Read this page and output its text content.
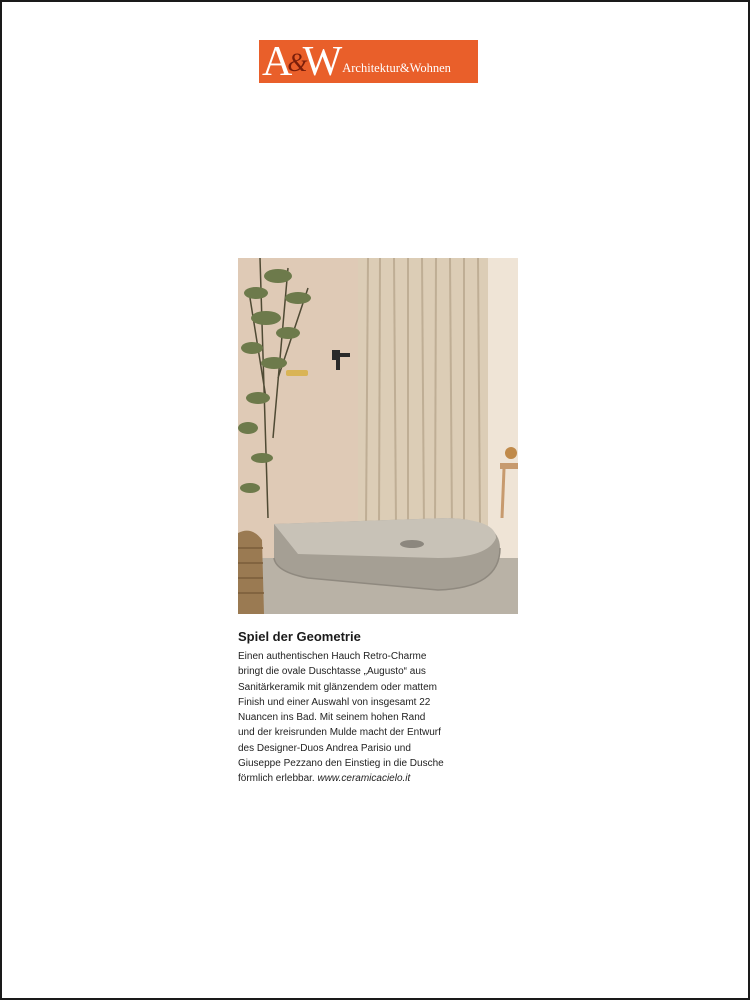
A&W Architektur&Wohnen
Spiel der Geometrie

Einen authentischen Hauch Retro-Charme
bringt die ovale Duschtasse „Augusto“ aus
Sanitärkeramik mit glänzendem oder mattem
Finish und einer Auswahl von insgesamt 22
Nuancen ins Bad. Mit seinem hohen Rand
und der kreisrunden Mulde macht der Entwurf
des Designer-Duos Andrea Parisio und
Giuseppe Pezzano den Einstieg in die Dusche
förmlich erlebbar. www.ceramicacielo.it
